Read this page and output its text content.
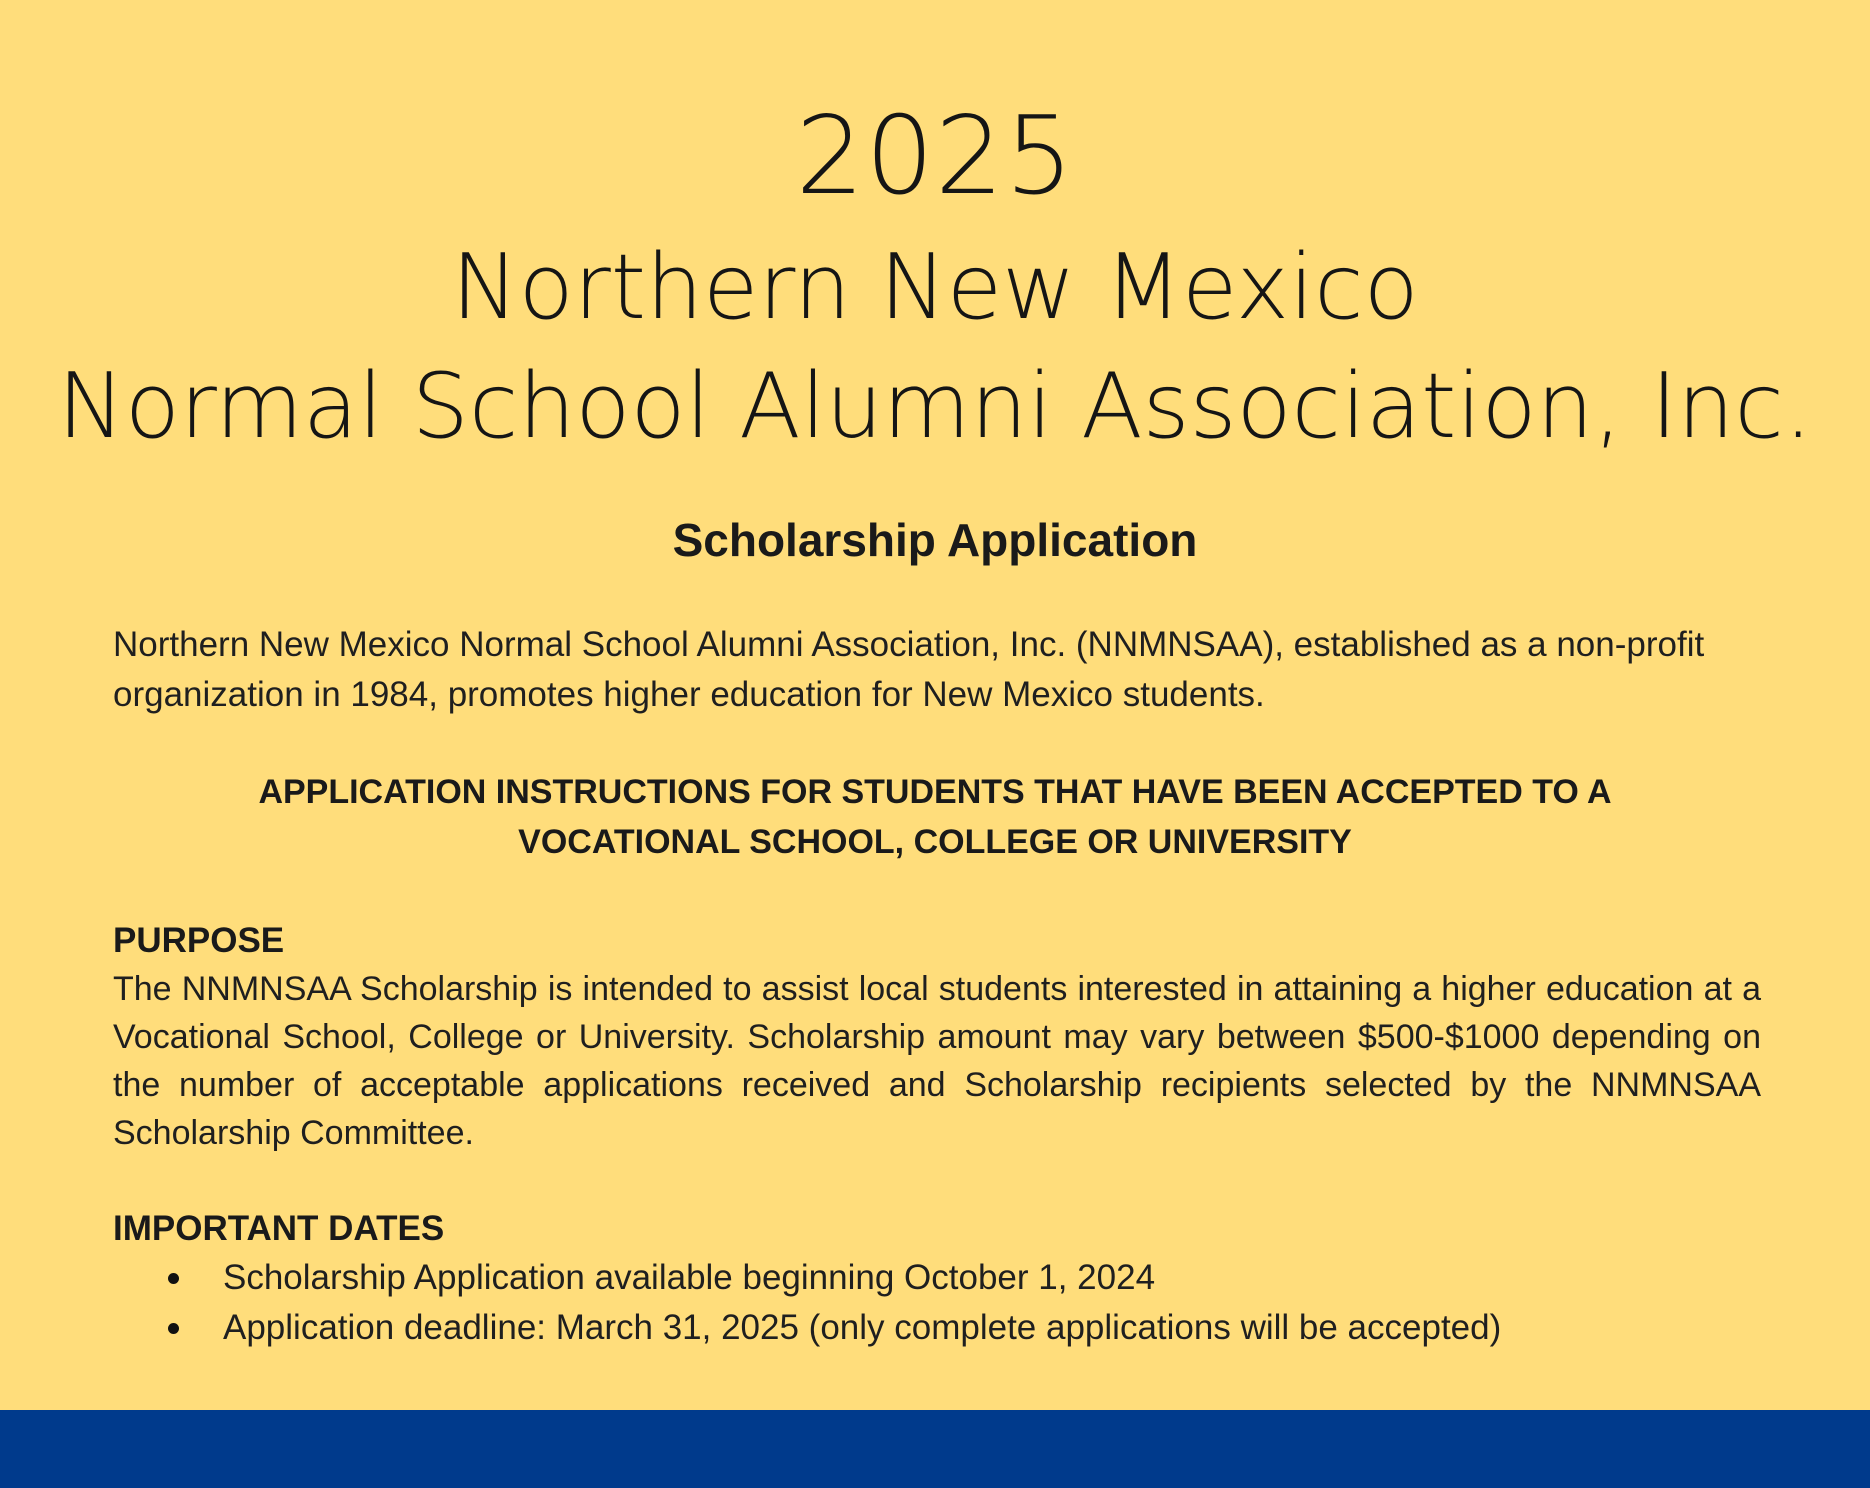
2025
Northern New Mexico
Normal School Alumni Association, Inc.
Scholarship Application
Northern New Mexico Normal School Alumni Association, Inc. (NNMNSAA), established as a non-profit organization in 1984, promotes higher education for New Mexico students.
APPLICATION INSTRUCTIONS FOR STUDENTS THAT HAVE BEEN ACCEPTED TO A
VOCATIONAL SCHOOL, COLLEGE OR UNIVERSITY
PURPOSE
The NNMNSAA Scholarship is intended to assist local students interested in attaining a higher education at a Vocational School, College or University. Scholarship amount may vary between $500-$1000 depending on the number of acceptable applications received and Scholarship recipients selected by the NNMNSAA Scholarship Committee.
IMPORTANT DATES
Scholarship Application available beginning October 1, 2024
Application deadline: March 31, 2025 (only complete applications will be accepted)
